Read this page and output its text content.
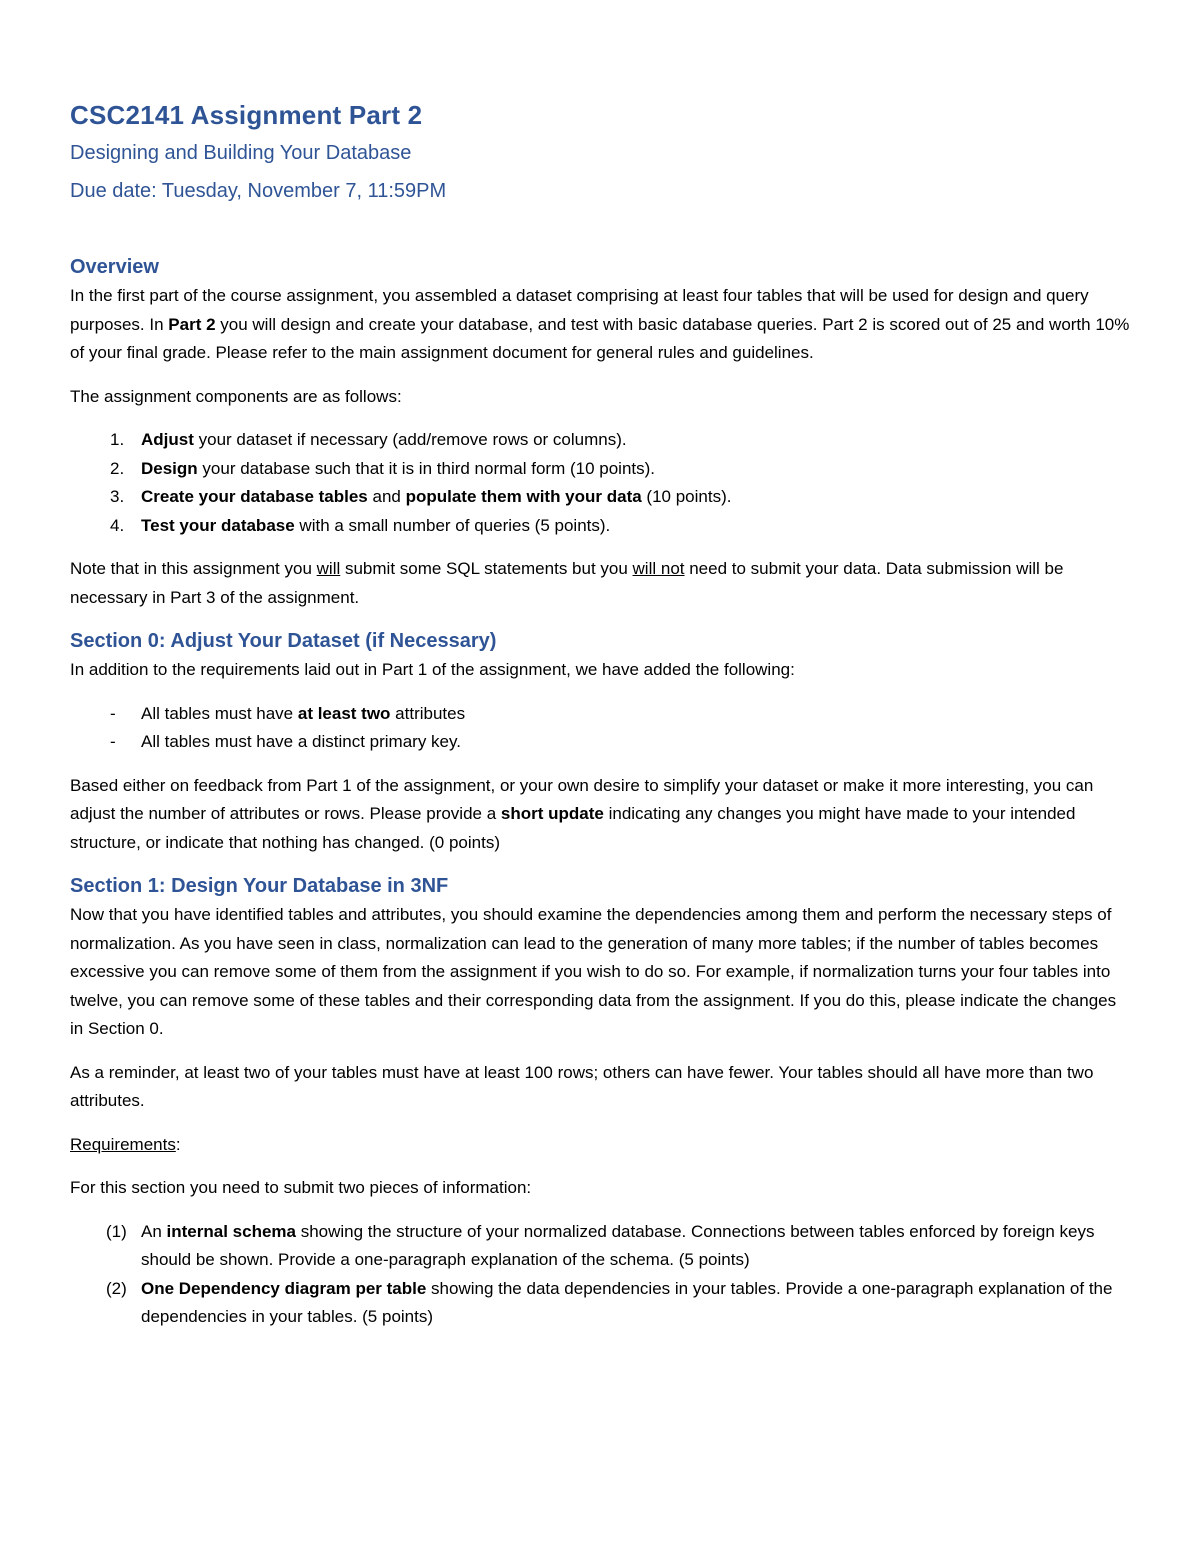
CSC2141 Assignment Part 2
Designing and Building Your Database
Due date: Tuesday, November 7, 11:59PM
Overview

In the first part of the course assignment, you assembled a dataset comprising at least four tables that will be used for design and query purposes. In Part 2 you will design and create your database, and test with basic database queries. Part 2 is scored out of 25 and worth 10% of your final grade. Please refer to the main assignment document for general rules and guidelines.

The assignment components are as follows:

1. Adjust your dataset if necessary (add/remove rows or columns).
2. Design your database such that it is in third normal form (10 points).
3. Create your database tables and populate them with your data (10 points).
4. Test your database with a small number of queries (5 points).

Note that in this assignment you will submit some SQL statements but you will not need to submit your data. Data submission will be necessary in Part 3 of the assignment.

Section 0: Adjust Your Dataset (if Necessary)

In addition to the requirements laid out in Part 1 of the assignment, we have added the following:

-	All tables must have at least two attributes
-	All tables must have a distinct primary key.

Based either on feedback from Part 1 of the assignment, or your own desire to simplify your dataset or make it more interesting, you can adjust the number of attributes or rows. Please provide a short update indicating any changes you might have made to your intended structure, or indicate that nothing has changed. (0 points)

Section 1: Design Your Database in 3NF

Now that you have identified tables and attributes, you should examine the dependencies among them and perform the necessary steps of normalization. As you have seen in class, normalization can lead to the generation of many more tables; if the number of tables becomes excessive you can remove some of them from the assignment if you wish to do so. For example, if normalization turns your four tables into twelve, you can remove some of these tables and their corresponding data from the assignment. If you do this, please indicate the changes in Section 0.

As a reminder, at least two of your tables must have at least 100 rows; others can have fewer. Your tables should all have more than two attributes.

Requirements:

For this section you need to submit two pieces of information:

(1) An internal schema showing the structure of your normalized database. Connections between tables enforced by foreign keys should be shown. Provide a one-paragraph explanation of the schema. (5 points)
(2) One Dependency diagram per table showing the data dependencies in your tables. Provide a one-paragraph explanation of the dependencies in your tables. (5 points)
